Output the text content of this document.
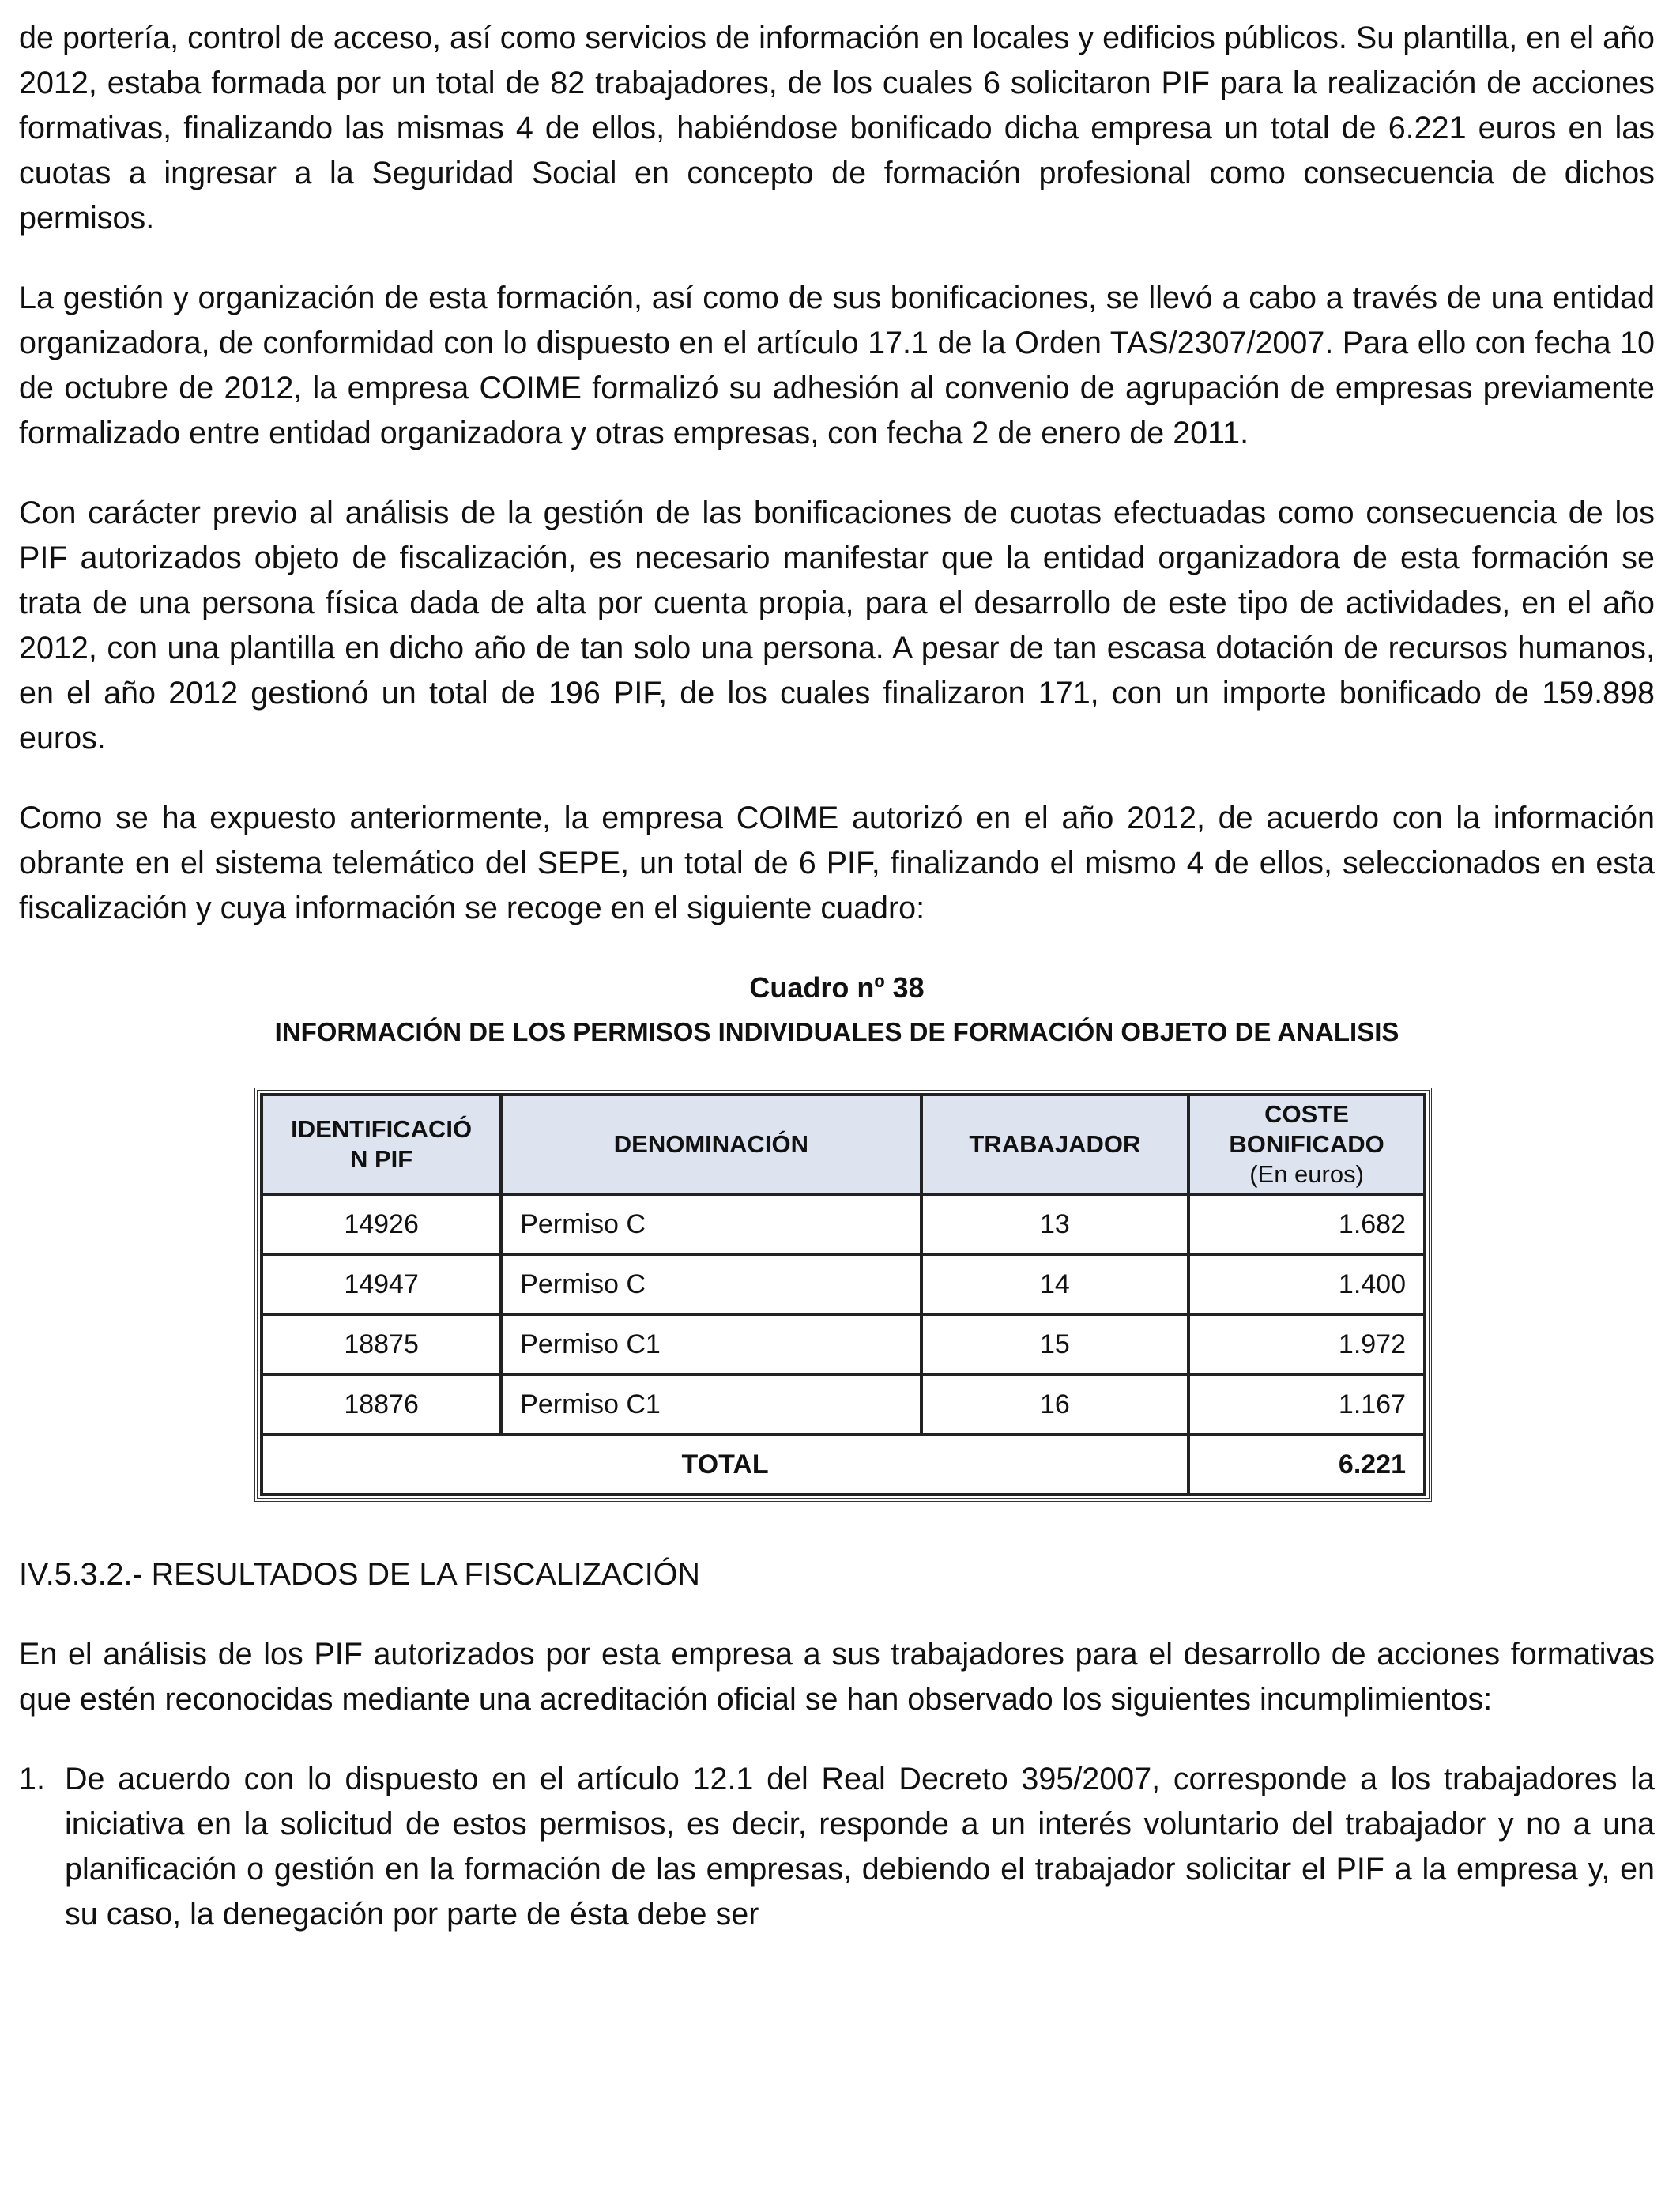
de portería, control de acceso, así como servicios de información en locales y edificios públicos. Su plantilla, en el año 2012, estaba formada por un total de 82 trabajadores, de los cuales 6 solicitaron PIF para la realización de acciones formativas, finalizando las mismas 4 de ellos, habiéndose bonificado dicha empresa un total de 6.221 euros en las cuotas a ingresar a la Seguridad Social en concepto de formación profesional como consecuencia de dichos permisos.

La gestión y organización de esta formación, así como de sus bonificaciones, se llevó a cabo a través de una entidad organizadora, de conformidad con lo dispuesto en el artículo 17.1 de la Orden TAS/2307/2007. Para ello con fecha 10 de octubre de 2012, la empresa COIME formalizó su adhesión al convenio de agrupación de empresas previamente formalizado entre entidad organizadora y otras empresas, con fecha 2 de enero de 2011.

Con carácter previo al análisis de la gestión de las bonificaciones de cuotas efectuadas como consecuencia de los PIF autorizados objeto de fiscalización, es necesario manifestar que la entidad organizadora de esta formación se trata de una persona física dada de alta por cuenta propia, para el desarrollo de este tipo de actividades, en el año 2012, con una plantilla en dicho año de tan solo una persona. A pesar de tan escasa dotación de recursos humanos, en el año 2012 gestionó un total de 196 PIF, de los cuales finalizaron 171, con un importe bonificado de 159.898 euros.

Como se ha expuesto anteriormente, la empresa COIME autorizó en el año 2012, de acuerdo con la información obrante en el sistema telemático del SEPE, un total de 6 PIF, finalizando el mismo 4 de ellos, seleccionados en esta fiscalización y cuya información se recoge en el siguiente cuadro:

Cuadro nº 38
INFORMACIÓN DE LOS PERMISOS INDIVIDUALES DE FORMACIÓN OBJETO DE ANALISIS
IDENTIFICACIÓ
N PIF	DENOMINACIÓN	TRABAJADOR	COSTE
BONIFICADO
(En euros)
14926	Permiso C	13	1.682
14947	Permiso C	14	1.400
18875	Permiso C1	15	1.972
18876	Permiso C1	16	1.167
TOTAL			6.221
IV.5.3.2.- RESULTADOS DE LA FISCALIZACIÓN

En el análisis de los PIF autorizados por esta empresa a sus trabajadores para el desarrollo de acciones formativas que estén reconocidas mediante una acreditación oficial se han observado los siguientes incumplimientos:

1. De acuerdo con lo dispuesto en el artículo 12.1 del Real Decreto 395/2007, corresponde a los trabajadores la iniciativa en la solicitud de estos permisos, es decir, responde a un interés voluntario del trabajador y no a una planificación o gestión en la formación de las empresas, debiendo el trabajador solicitar el PIF a la empresa y, en su caso, la denegación por parte de ésta debe ser
